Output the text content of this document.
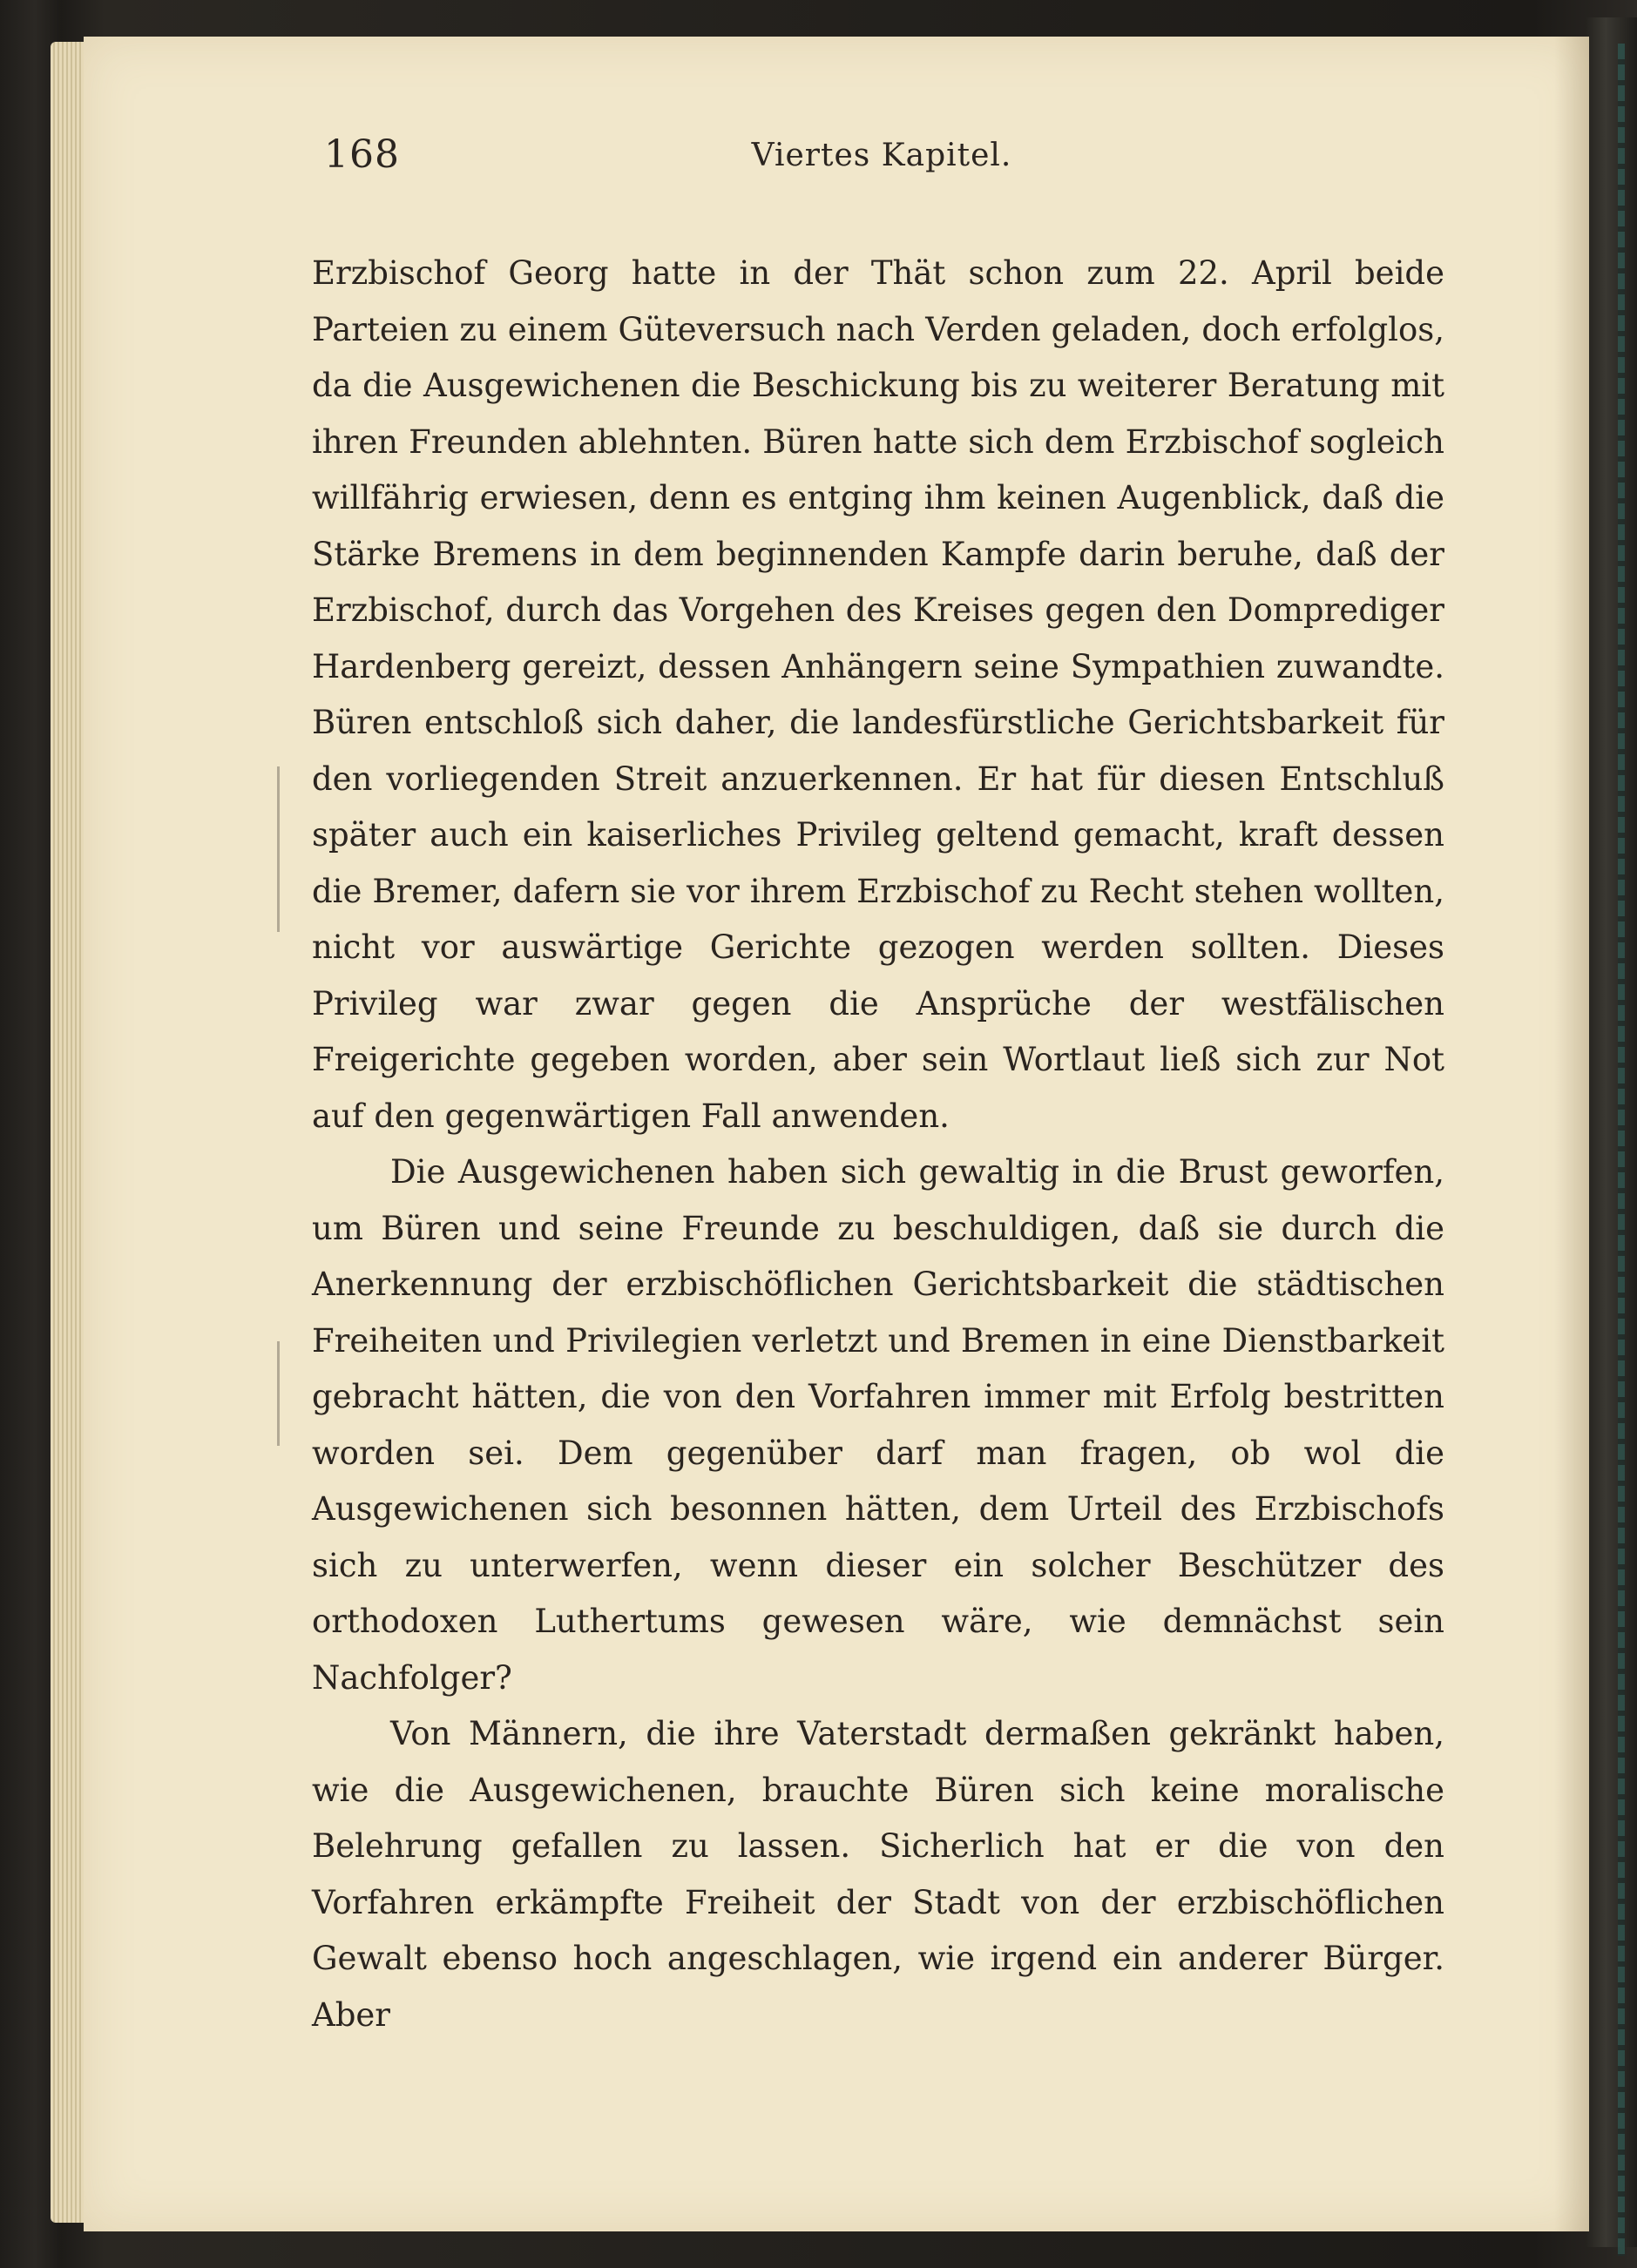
168	Viertes Kapitel.

Erzbischof Georg hatte in der Thät schon zum 22. April beide Parteien zu einem Güteversuch nach Verden geladen, doch erfolglos, da die Ausgewichenen die Beschickung bis zu weiterer Beratung mit ihren Freunden ablehnten. Büren hatte sich dem Erzbischof sogleich willfährig erwiesen, denn es entging ihm keinen Augenblick, daß die Stärke Bremens in dem beginnenden Kampfe darin beruhe, daß der Erzbischof, durch das Vorgehen des Kreises gegen den Domprediger Hardenberg gereizt, dessen Anhängern seine Sympathien zuwandte. Büren entschloß sich daher, die landesfürstliche Gerichtsbarkeit für den vorliegenden Streit anzuerkennen. Er hat für diesen Entschluß später auch ein kaiserliches Privileg geltend gemacht, kraft dessen die Bremer, dafern sie vor ihrem Erzbischof zu Recht stehen wollten, nicht vor auswärtige Gerichte gezogen werden sollten. Dieses Privileg war zwar gegen die Ansprüche der westfälischen Freigerichte gegeben worden, aber sein Wortlaut ließ sich zur Not auf den gegenwärtigen Fall anwenden.

Die Ausgewichenen haben sich gewaltig in die Brust geworfen, um Büren und seine Freunde zu beschuldigen, daß sie durch die Anerkennung der erzbischöflichen Gerichtsbarkeit die städtischen Freiheiten und Privilegien verletzt und Bremen in eine Dienstbarkeit gebracht hätten, die von den Vorfahren immer mit Erfolg bestritten worden sei. Dem gegenüber darf man fragen, ob wol die Ausgewichenen sich besonnen hätten, dem Urteil des Erzbischofs sich zu unterwerfen, wenn dieser ein solcher Beschützer des orthodoxen Luthertums gewesen wäre, wie demnächst sein Nachfolger?

Von Männern, die ihre Vaterstadt dermaßen gekränkt haben, wie die Ausgewichenen, brauchte Büren sich keine moralische Belehrung gefallen zu lassen. Sicherlich hat er die von den Vorfahren erkämpfte Freiheit der Stadt von der erzbischöflichen Gewalt ebenso hoch angeschlagen, wie irgend ein anderer Bürger. Aber
